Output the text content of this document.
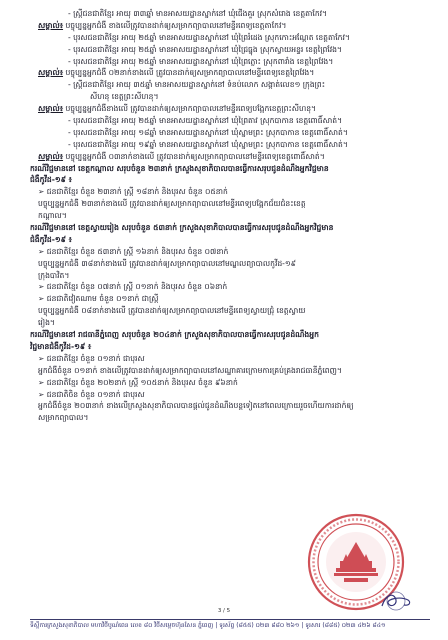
- ស្ត្រីជនជាតិខ្មែរ អាយុ ៣៣ឆ្នាំ មានអាសយដ្ឋានស្នាក់នៅ ឃុំជើងគួរ ស្រុកសំរោង ខេត្តតាកែវ។
សម្គាល់៖ បច្ចុប្បន្នអ្នកជំងឺ ខាងលើត្រូវបានដាក់ឲ្យសម្រាកព្យាបាលនៅមន្ទីរពេទ្យខេត្តតាកែវ។
- បុរសជនជាតិខ្មែរ អាយុ ២៥ឆ្នាំ មានអាសយដ្ឋានស្នាក់នៅ ឃុំព្រៃរំដេង ស្រុកកោះអណ្តែត ខេត្តតាកែវ។
- បុរសជនជាតិខ្មែរ អាយុ ២៥ឆ្នាំ មានអាសយដ្ឋានស្នាក់នៅ ឃុំជ្រៃធ្នុង ស្រុកស្វាយអន្ទរ ខេត្តព្រៃវែង។
- បុរសជនជាតិខ្មែរ អាយុ ២៥ឆ្នាំ មានអាសយដ្ឋានស្នាក់នៅ ឃុំព្រៃភ្លោះ ស្រុកពារាំង ខេត្តព្រៃវែង។
សម្គាល់៖ បច្ចុប្បន្នអ្នកជំងឺ ០២នាក់ខាងលើ ត្រូវបានដាក់ឲ្យសម្រាកព្យាបាលនៅមន្ទីរពេទ្យខេត្តព្រៃវែង។
- ស្ត្រីជនជាតិខ្មែរ អាយុ ៣៥ឆ្នាំ មានអាសយដ្ឋានស្នាក់នៅ ទំនប់លោក សង្កាត់លេខ១ ក្រុងព្រះ
សីហនុ ខេត្តព្រះសីហនុ។
សម្គាល់៖ បច្ចុប្បន្នអ្នកជំងឺខាងលើ ត្រូវបានដាក់ឲ្យសម្រាកព្យាបាលនៅមន្ទីរពេទ្យបង្អែកខេត្តព្រះសីហនុ។
- បុរសជនជាតិខ្មែរ អាយុ ២៥ឆ្នាំ មានអាសយដ្ឋានស្នាក់នៅ ឃុំព្រៃតាវ ស្រុកបាកាន ខេត្តពោធិ៍សាត់។
- បុរសជនជាតិខ្មែរ អាយុ ១៨ឆ្នាំ មានអាសយដ្ឋានស្នាក់នៅ ឃុំស្នាមព្រះ ស្រុកបាកាន ខេត្តពោធិ៍សាត់។
- បុរសជនជាតិខ្មែរ អាយុ ១៩ឆ្នាំ មានអាសយដ្ឋានស្នាក់នៅ ឃុំស្នាមព្រះ ស្រុកបាកាន ខេត្តពោធិ៍សាត់។
សម្គាល់៖ បច្ចុប្បន្នអ្នកជំងឺ ០៣នាក់ខាងលើ ត្រូវបានដាក់ឲ្យសម្រាកព្យាបាលនៅមន្ទីរពេទ្យខេត្តពោធិ៍សាត់។
ករណីវិជ្ជមាននៅ ខេត្តកណ្តាល សរុបចំនួន ២៣នាក់ ក្រសួងសុខាភិបាលបានធ្វើការសរុបជូនដំណឹងអ្នកវិជ្ជមាន
ជំងឺកូវីដ-១៩ ៖
➢ ជនជាតិខ្មែរ ចំនួន ២៣នាក់ ស្ត្រី ១៨នាក់ និងបុរស ចំនួន ០៥នាក់
បច្ចុប្បន្នអ្នកជំងឺ ២៣នាក់ខាងលើ ត្រូវបានដាក់ឲ្យសម្រាកព្យាបាលនៅមន្ទីរពេទ្យបង្អែកជ័យជំនះខេត្ត
កណ្តាល។
ករណីវិជ្ជមាននៅ ខេត្តស្វាយរៀង សរុបចំនួន ៥៣នាក់ ក្រសួងសុខាភិបាលបានធ្វើការសរុបជូនដំណឹងអ្នកវិជ្ជមាន
ជំងឺកូវីដ-១៩ ៖
➢ ជនជាតិខ្មែរ ចំនួន ៥៣នាក់ ស្ត្រី ១៦នាក់ និងបុរស ចំនួន ០៧នាក់
បច្ចុប្បន្នអ្នកជំងឺ ៣៨នាក់ខាងលើ ត្រូវបានដាក់ឲ្យសម្រាកព្យាបាលនៅមណ្ឌលព្យាបាលកូវីដ-១៩
ក្រុងបាវិត។
➢ ជនជាតិខ្មែរ ចំនួន ០៧នាក់ ស្ត្រី ០១នាក់ និងបុរស ចំនួន ០៦នាក់
➢ ជនជាតិវៀតណាម ចំនួន ០១នាក់ ជាស្ត្រី
បច្ចុប្បន្នអ្នកជំងឺ ០៨នាក់ខាងលើ ត្រូវបានដាក់ឲ្យសម្រាកព្យាបាលនៅមន្ទីរពេទ្យស្វាយជ្រុំ ខេត្តស្វាយ
រៀង។
ករណីវិជ្ជមាននៅ រាជធានីភ្នំពេញ សរុបចំនួន ២០៤នាក់ ក្រសួងសុខាភិបាលបានធ្វើការសរុបជូនដំណឹងអ្នក
វិជ្ជមានជំងឺកូវីដ-១៩ ៖
➢ ជនជាតិខ្មែរ ចំនួន ០១នាក់ ជាបុរស
អ្នកជំងឺចំនួន ០១នាក់ ខាងលើត្រូវបានដាក់ឲ្យសម្រាកព្យាបាលនៅសណ្ឋាគារក្រោមការគ្រប់គ្រងរាជធានីភ្នំពេញ។
➢ ជនជាតិខ្មែរ ចំនួន ២០២នាក់ ស្ត្រី ១០៥នាក់ និងបុរស ចំនួន ៩៦នាក់
➢ ជនជាតិចិន ចំនួន ០១នាក់ ជាបុរស
អ្នកជំងឺចំនួន ២០៣នាក់ ខាងលើក្រសួងសុខាភិបាលបានផ្តល់ជូនដំណឹងបន្តទៀតនៅពេលក្រោយរួចហើយការដាក់ឲ្យ
សម្រាកព្យាបាល។
3 / 5
ទីស្តីការក្រសួងសុខាភិបាល មហាវិថីបូណ៌ពេន លេខ ៨០ វិថីសម្តេចហ៊ុន​សែន ភ្នំពេញ | ទូរស័ព្ទ (៨៥៥) ០២៣ ៨៨០ ២៦១ | ទូរសារ (៨៨៥) ០២៣ ៤២៦ ៨៤១
